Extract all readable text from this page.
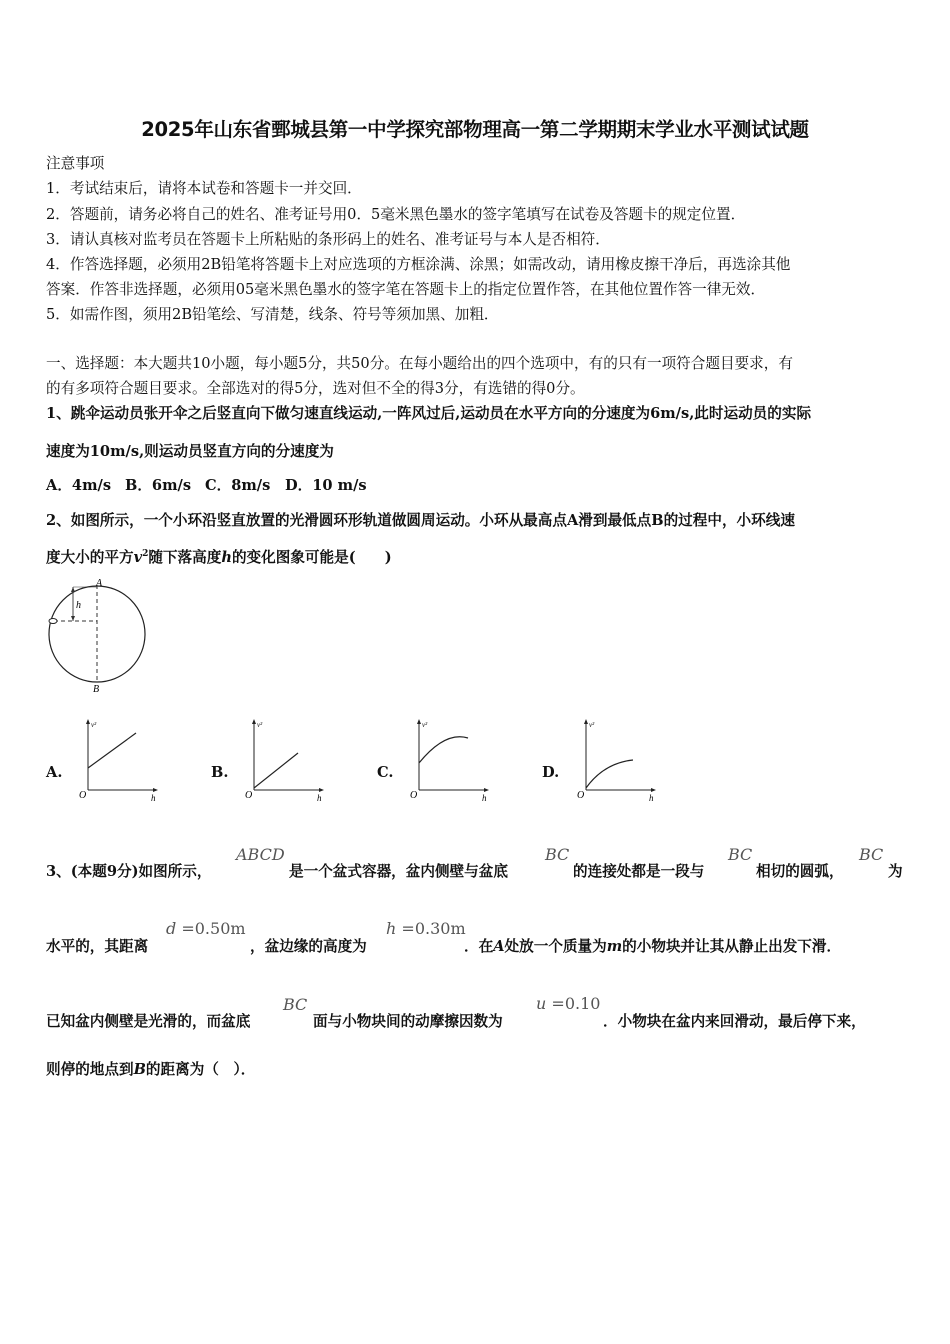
2025年山东省鄄城县第一中学探究部物理高一第二学期期末学业水平测试试题
注意事项
1．考试结束后，请将本试卷和答题卡一并交回．
2．答题前，请务必将自己的姓名、准考证号用0．5毫米黑色墨水的签字笔填写在试卷及答题卡的规定位置．
3．请认真核对监考员在答题卡上所粘贴的条形码上的姓名、准考证号与本人是否相符．
4．作答选择题，必须用2B铅笔将答题卡上对应选项的方框涂满、涂黑；如需改动，请用橡皮擦干净后，再选涂其他
答案．作答非选择题，必须用05毫米黑色墨水的签字笔在答题卡上的指定位置作答，在其他位置作答一律无效．
5．如需作图，须用2B铅笔绘、写清楚，线条、符号等须加黑、加粗．
一、选择题：本大题共10小题，每小题5分，共50分。在每小题给出的四个选项中，有的只有一项符合题目要求，有
的有多项符合题目要求。全部选对的得5分，选对但不全的得3分，有选错的得0分。
1、跳伞运动员张开伞之后竖直向下做匀速直线运动,一阵风过后,运动员在水平方向的分速度为6m/s,此时运动员的实际
速度为10m/s,则运动员竖直方向的分速度为
A．4m/s B．6m/s C．8m/s D．10 m/s
2、如图所示，一个小环沿竖直放置的光滑圆环形轨道做圆周运动。小环从最高点A滑到最低点B的过程中，小环线速
度大小的平方$v^2$随下落高度h的变化图象可能是(　　)
A
B
h
A.
O	h
v²
B.
O	h
v²
C.
O	h
v²
D.
O	h
v²
3、(本题9分)如图所示，
ABCD
是一个盆式容器，盆内侧壁与盆底
BC
的连接处都是一段与
BC
相切的圆弧，
BC
为
水平的，其距离
d =0.50m
，盆边缘的高度为
h =0.30m
．在A处放一个质量为m的小物块并让其从静止出发下滑．
已知盆内侧壁是光滑的，而盆底
BC
面与小物块间的动摩擦因数为
u =0.10
．小物块在盆内来回滑动，最后停下来，
则停的地点到B的距离为（　）．
